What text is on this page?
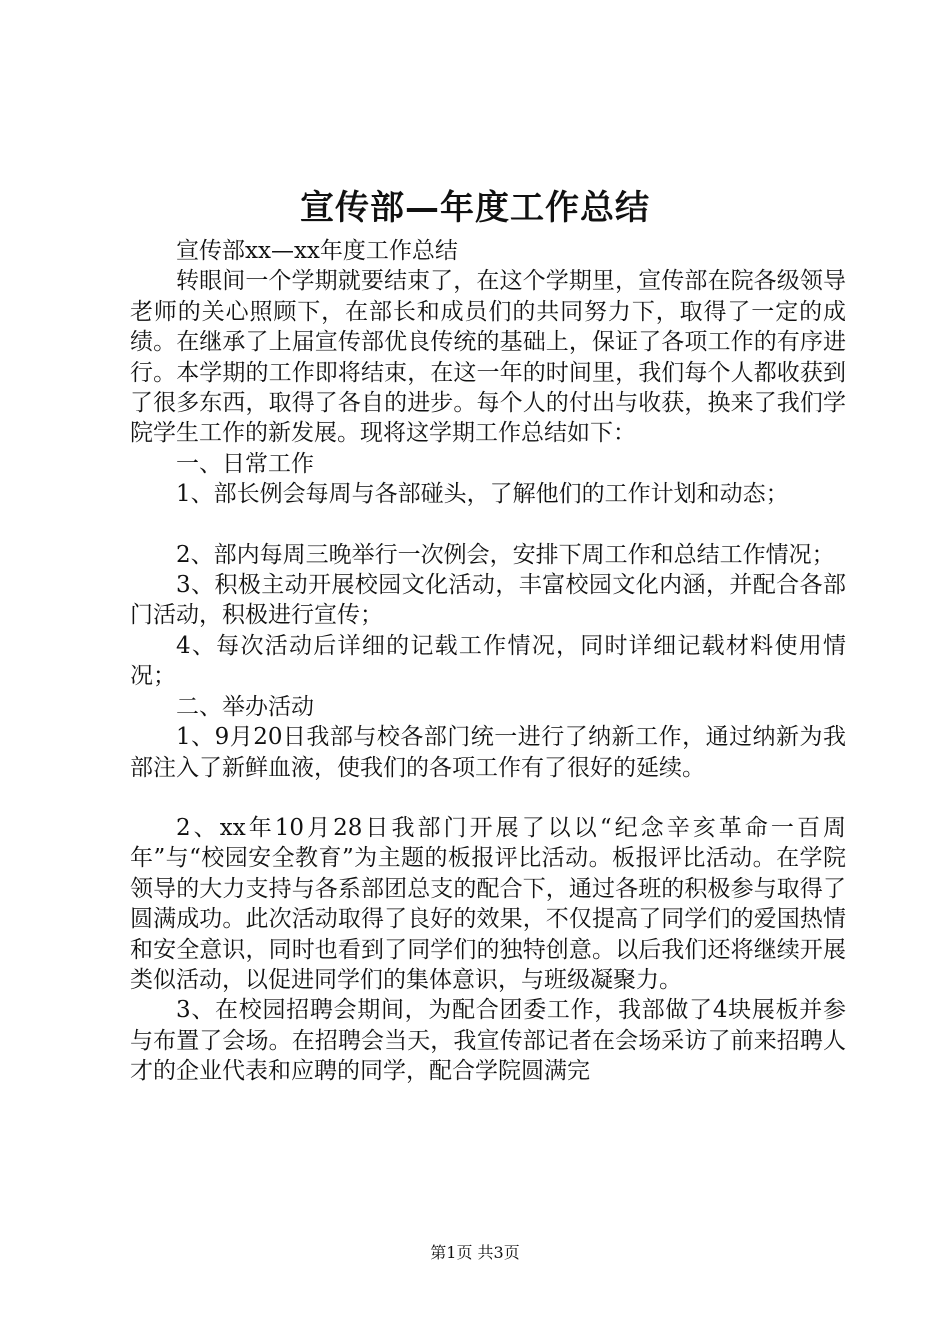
宣传部—年度工作总结

宣传部xx—xx年度工作总结

转眼间一个学期就要结束了，在这个学期里，宣传部在院各级领导老师的关心照顾下，在部长和成员们的共同努力下，取得了一定的成绩。在继承了上届宣传部优良传统的基础上，保证了各项工作的有序进行。本学期的工作即将结束，在这一年的时间里，我们每个人都收获到了很多东西，取得了各自的进步。每个人的付出与收获，换来了我们学院学生工作的新发展。现将这学期工作总结如下：

一、日常工作

1、部长例会每周与各部碰头，了解他们的工作计划和动态；

2、部内每周三晚举行一次例会，安排下周工作和总结工作情况；

3、积极主动开展校园文化活动，丰富校园文化内涵，并配合各部门活动，积极进行宣传；

4、每次活动后详细的记载工作情况，同时详细记载材料使用情况；

二、举办活动

1、9月20日我部与校各部门统一进行了纳新工作，通过纳新为我部注入了新鲜血液，使我们的各项工作有了很好的延续。

2、xx年10月28日我部门开展了以以“纪念辛亥革命一百周年”与“校园安全教育”为主题的板报评比活动。板报评比活动。在学院领导的大力支持与各系部团总支的配合下，通过各班的积极参与取得了圆满成功。此次活动取得了良好的效果，不仅提高了同学们的爱国热情和安全意识，同时也看到了同学们的独特创意。以后我们还将继续开展类似活动，以促进同学们的集体意识，与班级凝聚力。

3、在校园招聘会期间，为配合团委工作，我部做了4块展板并参与布置了会场。在招聘会当天，我宣传部记者在会场采访了前来招聘人才的企业代表和应聘的同学，配合学院圆满完

第1页 共3页
